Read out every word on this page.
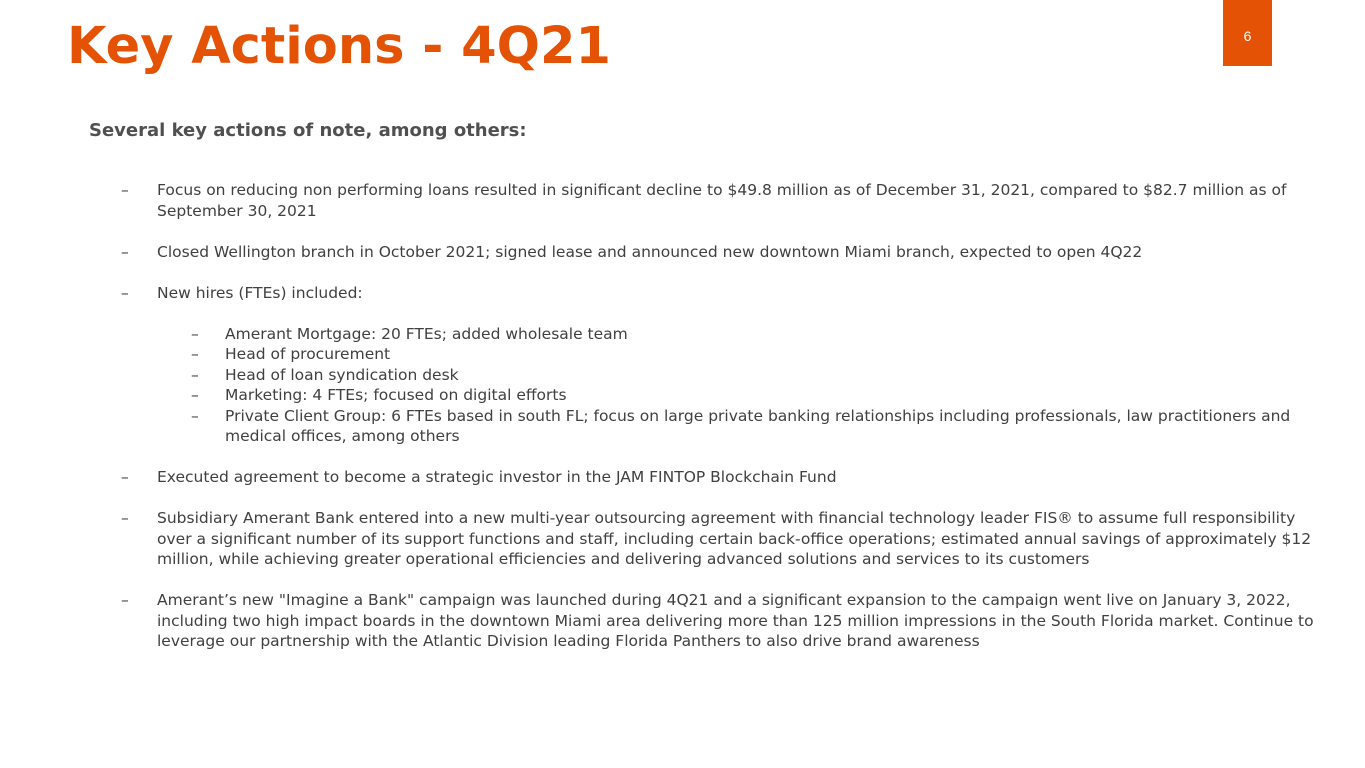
Key Actions - 4Q21	6
Several key actions of note, among others:
– Focus on reducing non performing loans resulted in significant decline to $49.8 million as of December 31, 2021, compared to $82.7 million as of September 30, 2021
– Closed Wellington branch in October 2021; signed lease and announced new downtown Miami branch, expected to open 4Q22
– New hires (FTEs) included:
– Amerant Mortgage: 20 FTEs; added wholesale team
– Head of procurement
– Head of loan syndication desk
– Marketing: 4 FTEs; focused on digital efforts
– Private Client Group: 6 FTEs based in south FL; focus on large private banking relationships including professionals, law practitioners and medical offices, among others
– Executed agreement to become a strategic investor in the JAM FINTOP Blockchain Fund
– Subsidiary Amerant Bank entered into a new multi-year outsourcing agreement with financial technology leader FIS® to assume full responsibility over a significant number of its support functions and staff, including certain back-office operations; estimated annual savings of approximately $12 million, while achieving greater operational efficiencies and delivering advanced solutions and services to its customers
– Amerant’s new "Imagine a Bank" campaign was launched during 4Q21 and a significant expansion to the campaign went live on January 3, 2022, including two high impact boards in the downtown Miami area delivering more than 125 million impressions in the South Florida market. Continue to leverage our partnership with the Atlantic Division leading Florida Panthers to also drive brand awareness
